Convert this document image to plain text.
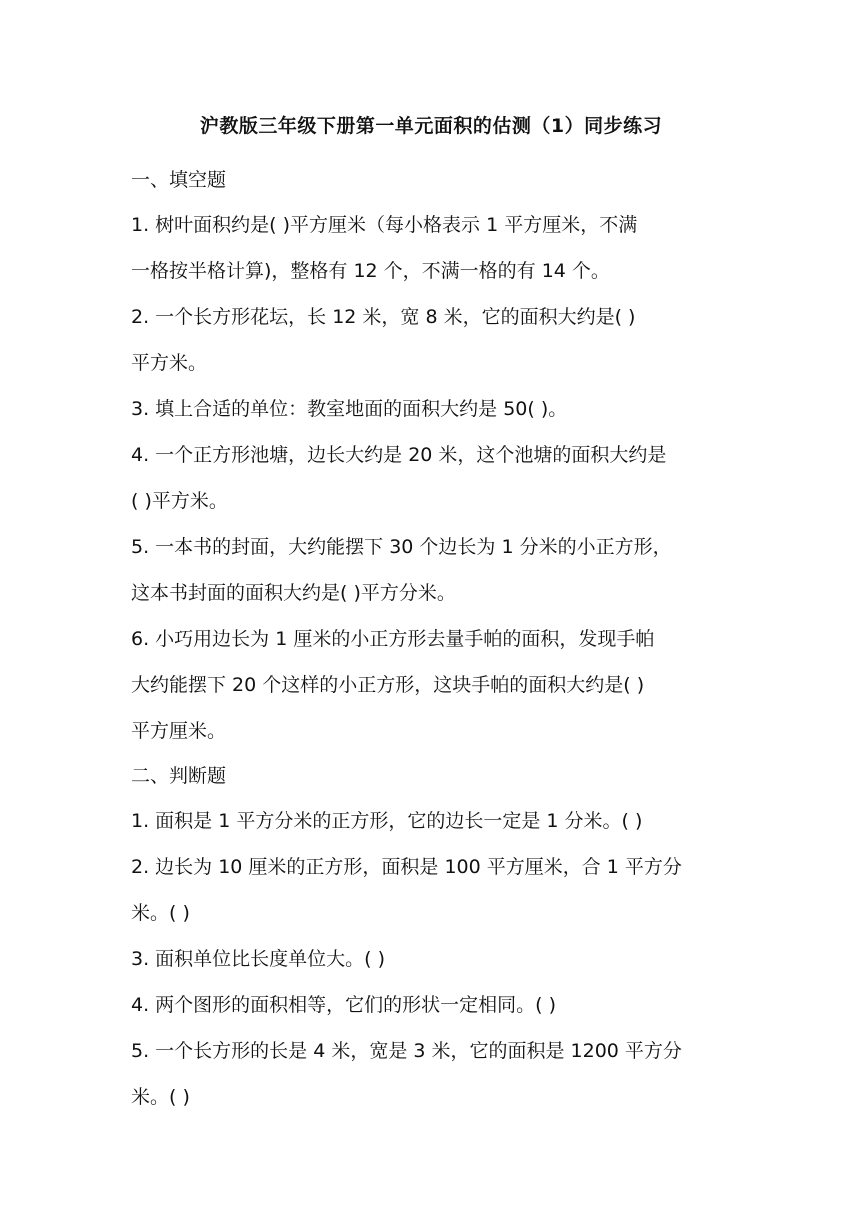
沪教版三年级下册第一单元面积的估测（1）同步练习

一、填空题

1. 树叶面积约是( )平方厘米（每小格表示 1 平方厘米，不满

一格按半格计算)，整格有 12 个，不满一格的有 14 个。

2. 一个长方形花坛，长 12 米，宽 8 米，它的面积大约是( )

平方米。

3. 填上合适的单位：教室地面的面积大约是 50( )。

4. 一个正方形池塘，边长大约是 20 米，这个池塘的面积大约是

( )平方米。

5. 一本书的封面，大约能摆下 30 个边长为 1 分米的小正方形，

这本书封面的面积大约是( )平方分米。

6. 小巧用边长为 1 厘米的小正方形去量手帕的面积，发现手帕

大约能摆下 20 个这样的小正方形，这块手帕的面积大约是( )

平方厘米。

二、判断题

1. 面积是 1 平方分米的正方形，它的边长一定是 1 分米。( )

2. 边长为 10 厘米的正方形，面积是 100 平方厘米，合 1 平方分

米。( )

3. 面积单位比长度单位大。( )

4. 两个图形的面积相等，它们的形状一定相同。( )

5. 一个长方形的长是 4 米，宽是 3 米，它的面积是 1200 平方分

米。( )
